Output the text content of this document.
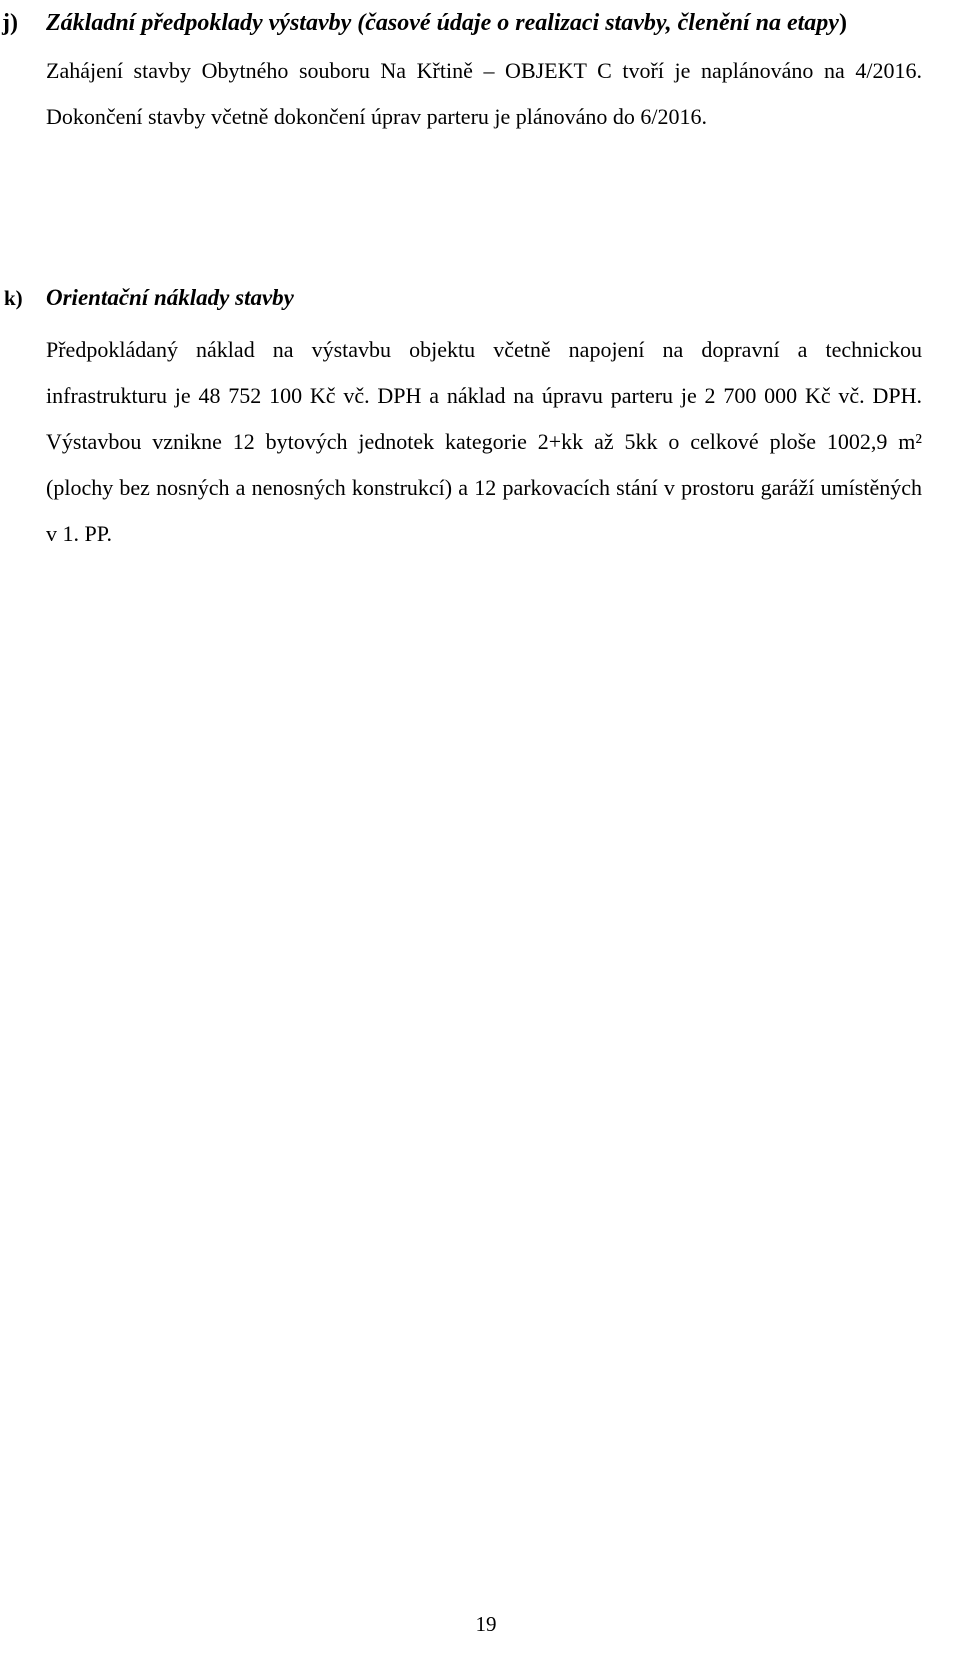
j)	Základní předpoklady výstavby (časové údaje o realizaci stavby, členění na etapy)
Zahájení stavby Obytného souboru Na Křtině – OBJEKT C tvoří je naplánováno na 4/2016. Dokončení stavby včetně dokončení úprav parteru je plánováno do 6/2016.
k)	Orientační náklady stavby
Předpokládaný náklad na výstavbu objektu včetně napojení na dopravní a technickou infrastrukturu je 48 752 100 Kč vč. DPH a náklad na úpravu parteru je 2 700 000 Kč vč. DPH. Výstavbou vznikne 12 bytových jednotek kategorie 2+kk až 5kk o celkové ploše 1002,9 m² (plochy bez nosných a nenosných konstrukcí) a 12 parkovacích stání v prostoru garáží umístěných v 1. PP.
19
